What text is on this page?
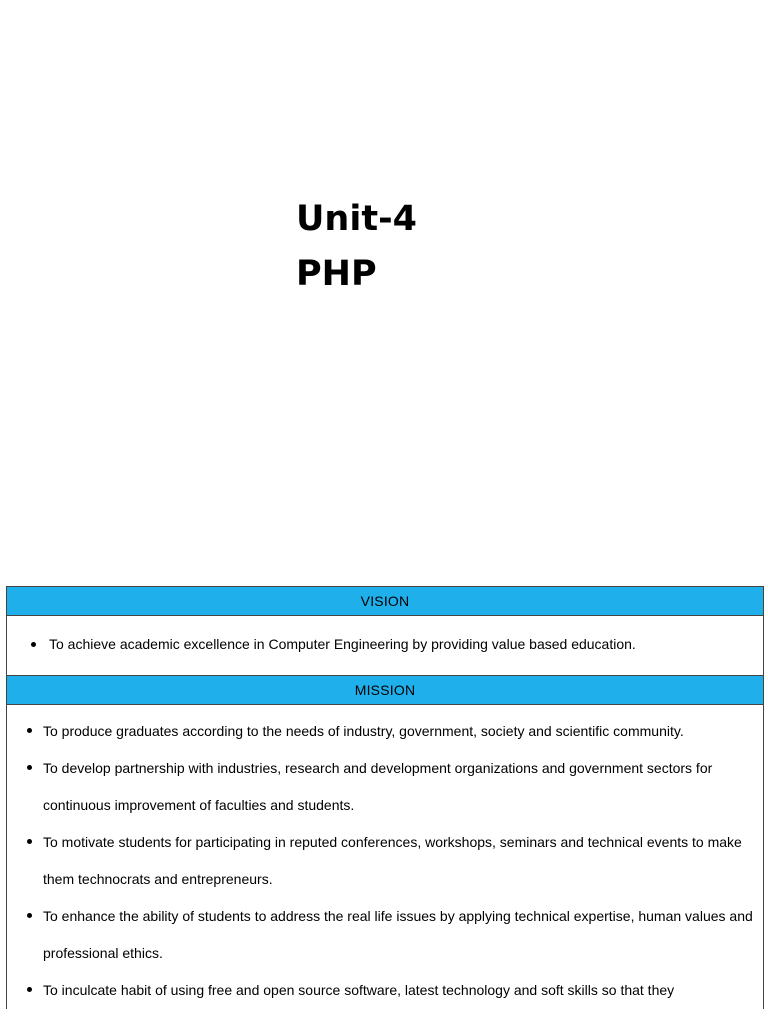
Unit-4
PHP
VISION
To achieve academic excellence in Computer Engineering by providing value based education.
MISSION
To produce graduates according to the needs of industry, government, society and scientific community.
To develop partnership with industries, research and development organizations and government sectors for continuous improvement of faculties and students.
To motivate students for participating in reputed conferences, workshops, seminars and technical events to make them technocrats and entrepreneurs.
To enhance the ability of students to address the real life issues by applying technical expertise, human values and professional ethics.
To inculcate habit of using free and open source software, latest technology and soft skills so that they
